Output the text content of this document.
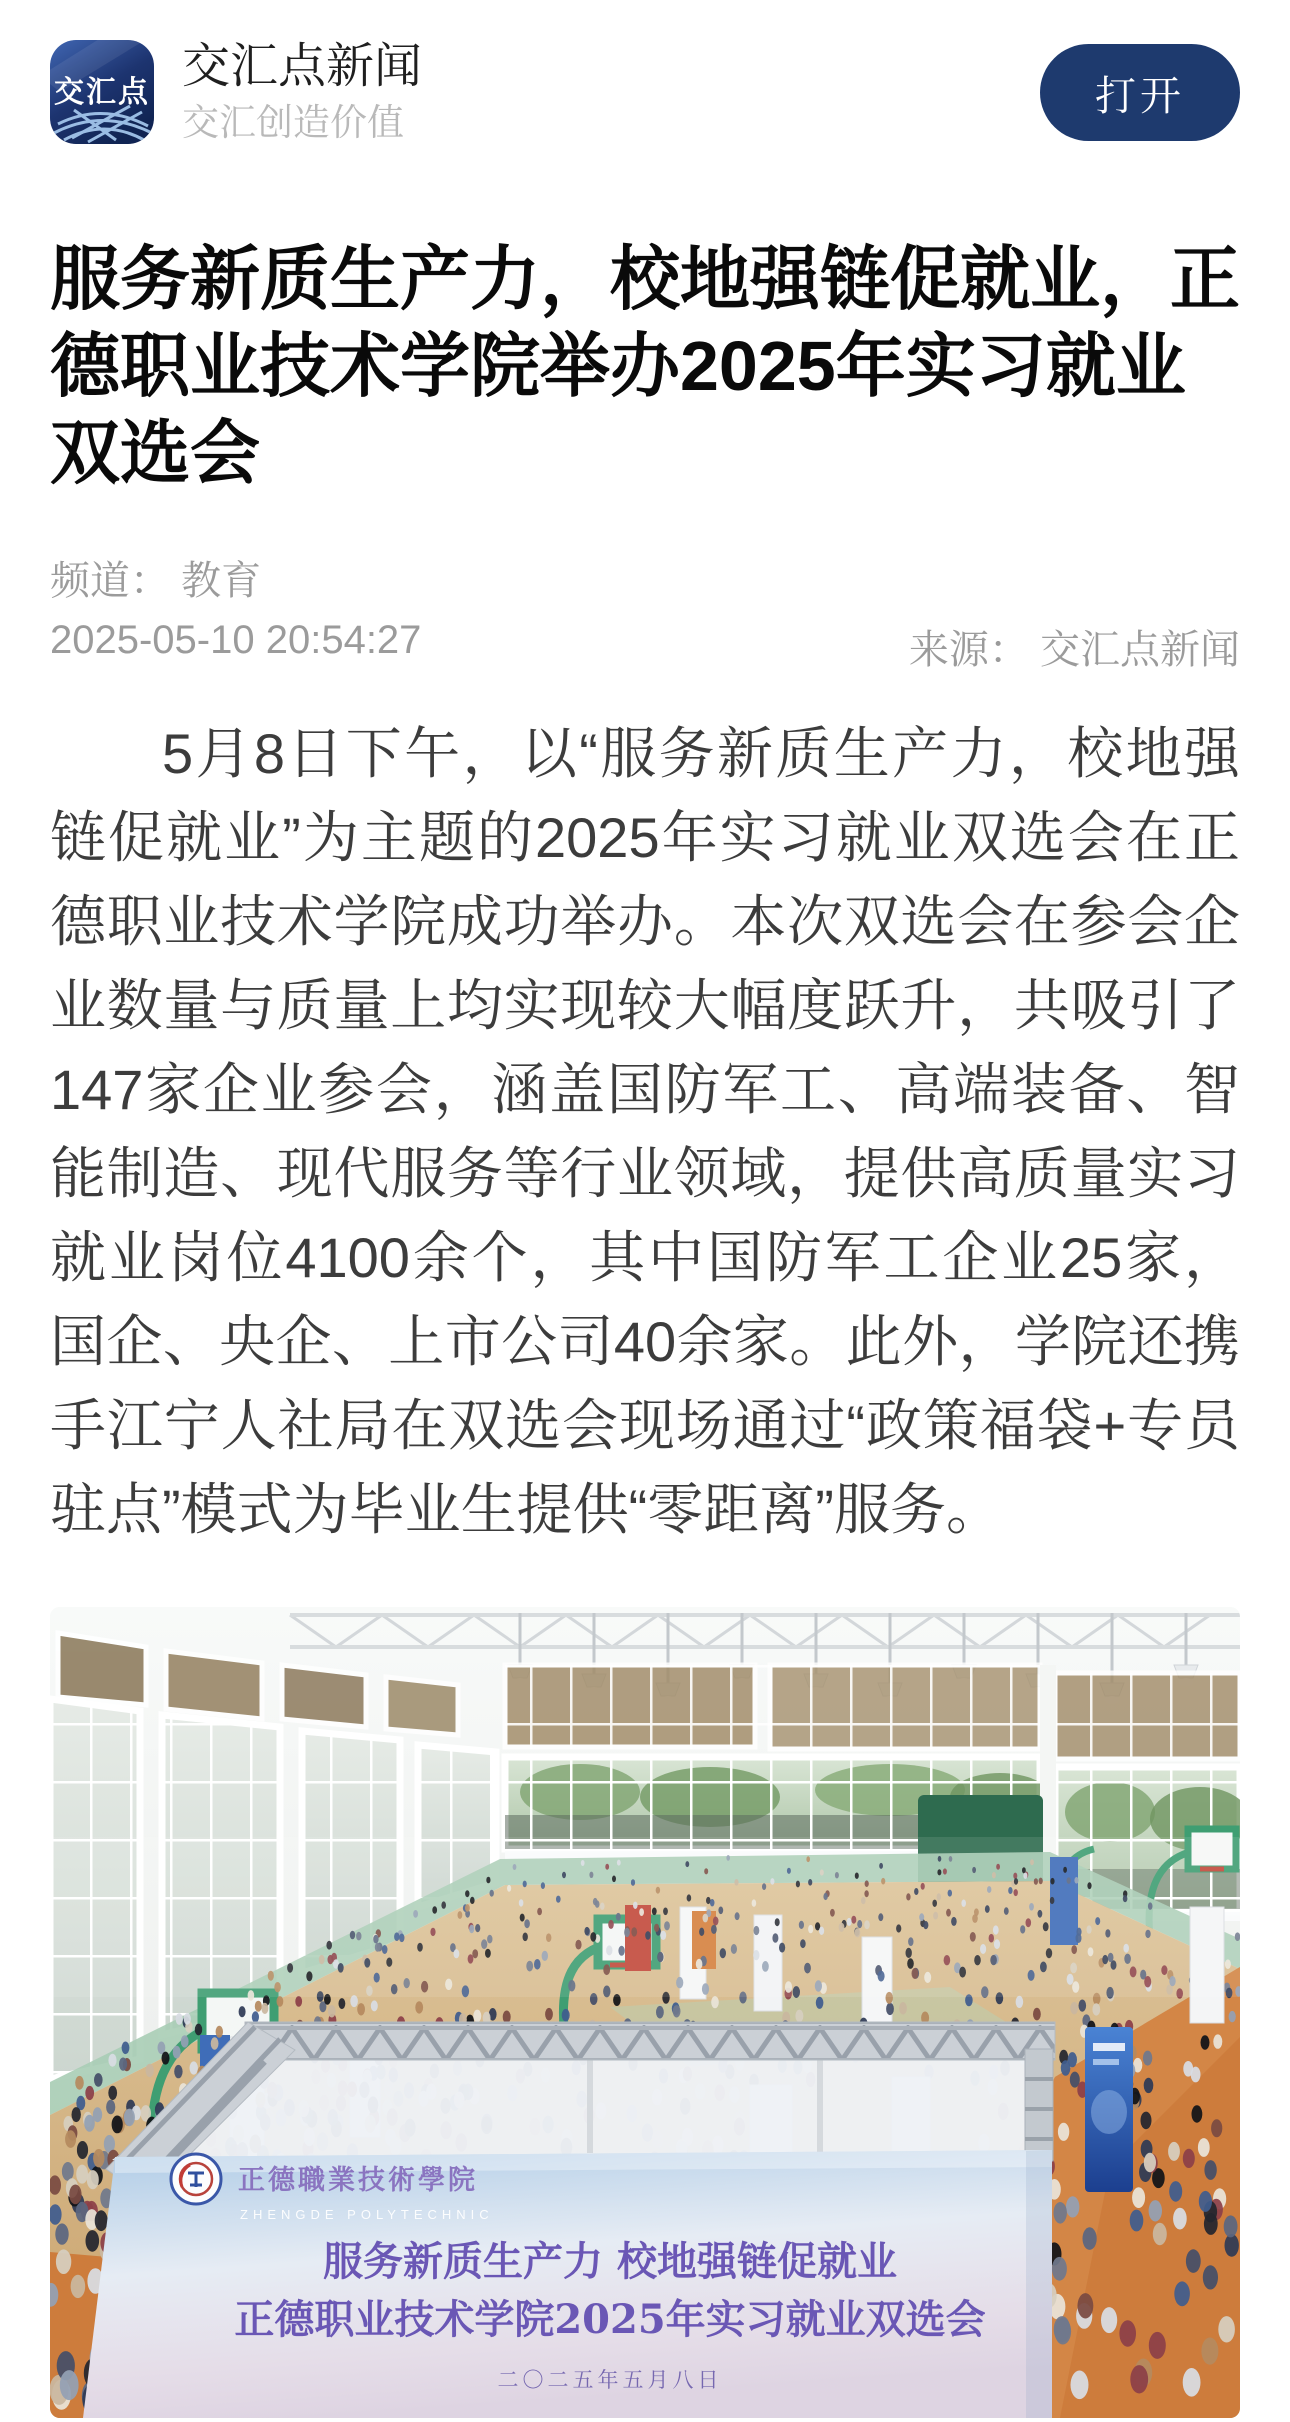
交汇点 交汇点新闻
交汇创造价值
打开
服务新质生产力，校地强链促就业，正
德职业技术学院举办2025年实习就业
双选会
频道： 教育
2025-05-10 20:54:27	来源： 交汇点新闻
5月8日下午，以“服务新质生产力，校地强链促就业”为主题的2025年实习就业双选会在正德职业技术学院成功举办。本次双选会在参会企业数量与质量上均实现较大幅度跃升，共吸引了147家企业参会，涵盖国防军工、高端装备、智能制造、现代服务等行业领域，提供高质量实习就业岗位4100余个，其中国防军工企业25家，国企、央企、上市公司40余家。此外，学院还携手江宁人社局在双选会现场通过“政策福袋+专员驻点”模式为毕业生提供“零距离”服务。
正德職業技術學院
ZHENGDE POLYTECHNIC
服务新质生产力 校地强链促就业
正德职业技术学院2025年实习就业双选会
二〇二五年五月八日
